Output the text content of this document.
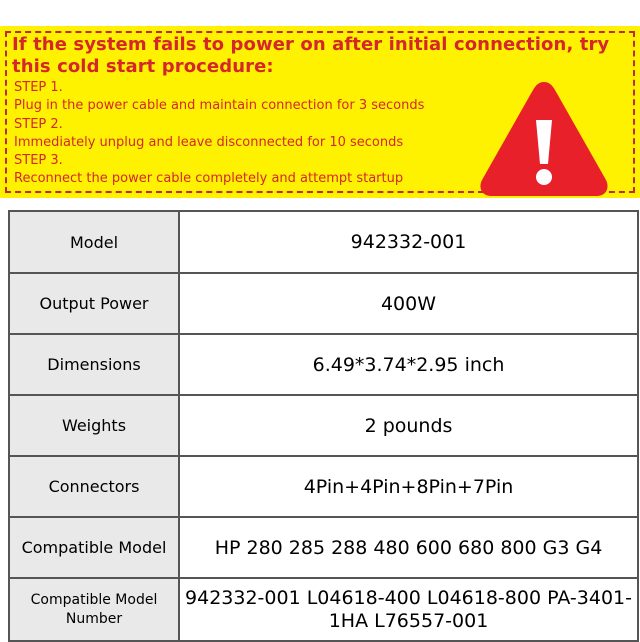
If the system fails to power on after initial connection, try this cold start procedure:
STEP 1.
Plug in the power cable and maintain connection for 3 seconds
STEP 2.
Immediately unplug and leave disconnected for 10 seconds
STEP 3.
Reconnect the power cable completely and attempt startup
Model	942332-001
Output Power	400W
Dimensions	6.49*3.74*2.95 inch
Weights	2 pounds
Connectors	4Pin+4Pin+8Pin+7Pin
Compatible Model	HP 280 285 288 480 600 680 800 G3 G4
Compatible Model Number	942332-001 L04618-400 L04618-800 PA-3401-1HA L76557-001
